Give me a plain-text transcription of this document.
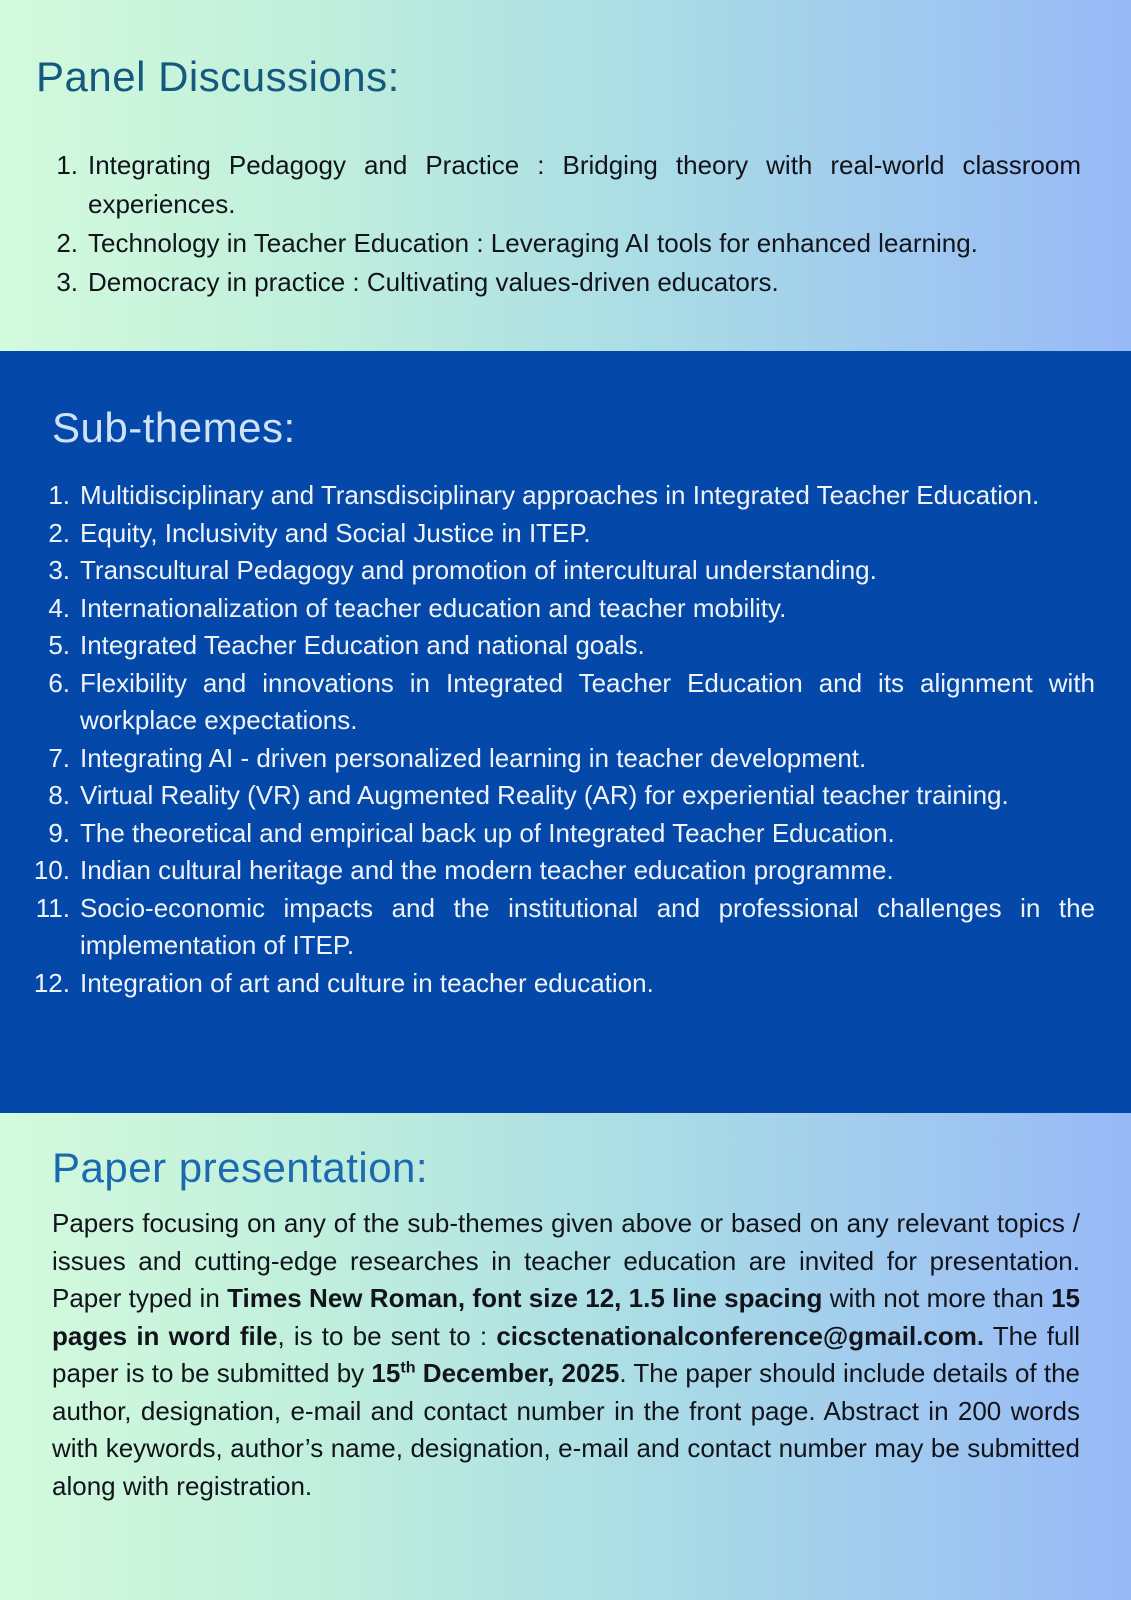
Panel Discussions:
1. Integrating Pedagogy and Practice : Bridging theory with real-world classroom experiences.
2. Technology in Teacher Education : Leveraging AI tools for enhanced learning.
3. Democracy in practice : Cultivating values-driven educators.
Sub-themes:
1. Multidisciplinary and Transdisciplinary approaches in Integrated Teacher Education.
2. Equity, Inclusivity and Social Justice in ITEP.
3. Transcultural Pedagogy and promotion of intercultural understanding.
4. Internationalization of teacher education and teacher mobility.
5. Integrated Teacher Education and national goals.
6. Flexibility and innovations in Integrated Teacher Education and its alignment with workplace expectations.
7. Integrating AI - driven personalized learning in teacher development.
8. Virtual Reality (VR) and Augmented Reality (AR) for experiential teacher training.
9. The theoretical and empirical back up of Integrated Teacher Education.
10. Indian cultural heritage and the modern teacher education programme.
11. Socio-economic impacts and the institutional and professional challenges in the implementation of ITEP.
12. Integration of art and culture in teacher education.
Paper presentation:

Papers focusing on any of the sub-themes given above or based on any relevant topics / issues and cutting-edge researches in teacher education are invited for presentation. Paper typed in Times New Roman, font size 12, 1.5 line spacing with not more than 15 pages in word file, is to be sent to : cicsctenationalconference@gmail.com. The full paper is to be submitted by 15th December, 2025. The paper should include details of the author, designation, e-mail and contact number in the front page. Abstract in 200 words with keywords, author’s name, designation, e-mail and contact number may be submitted along with registration.
